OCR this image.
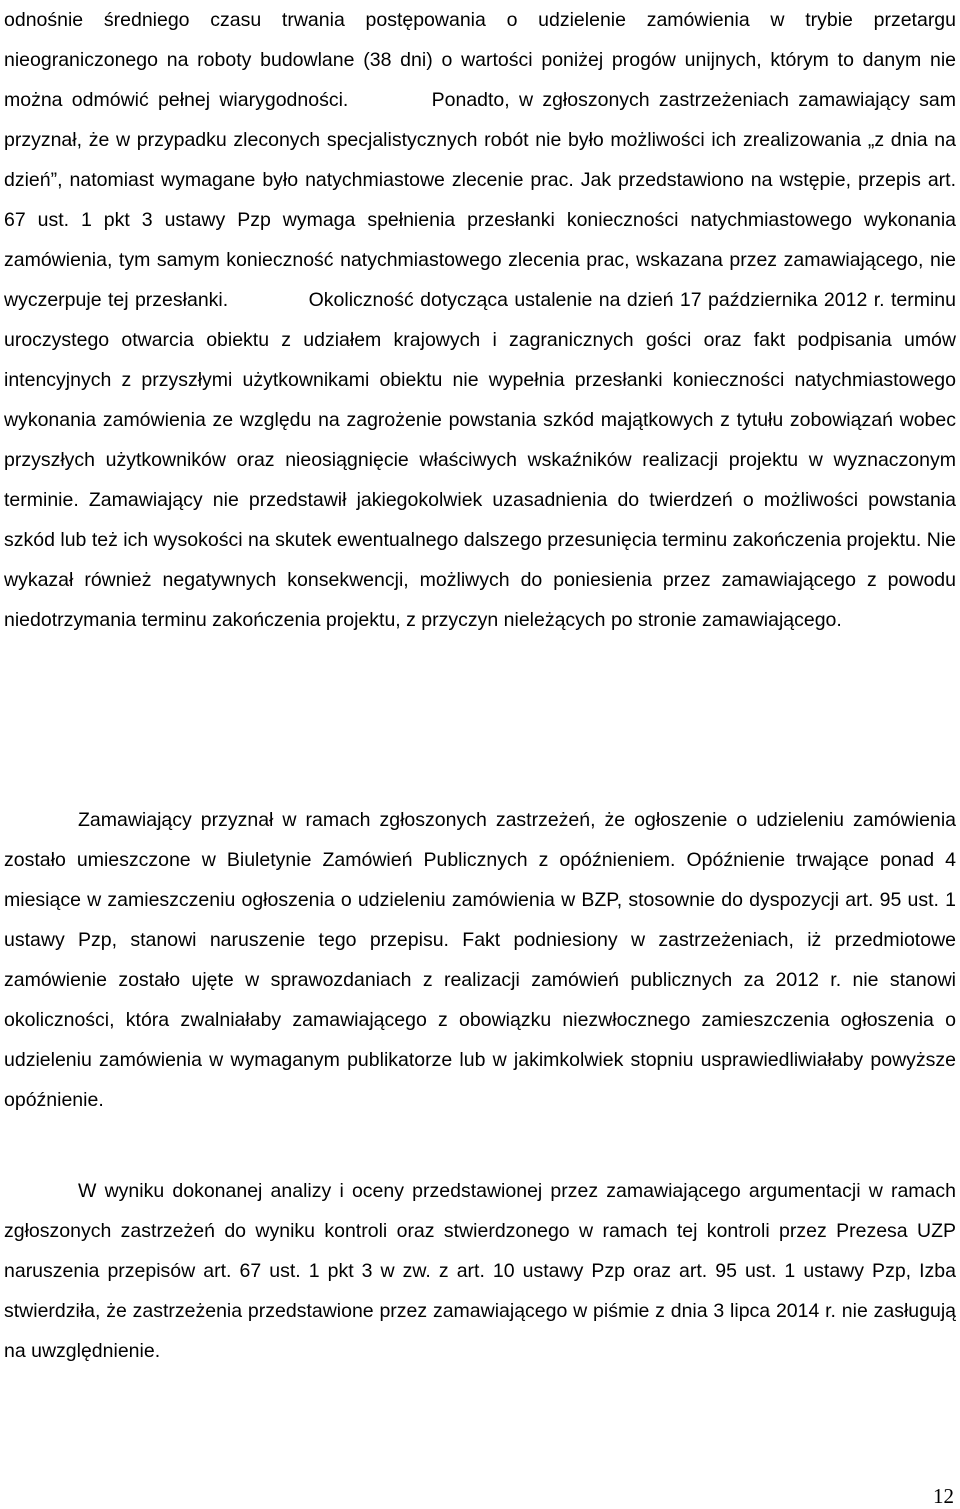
odnośnie średniego czasu trwania postępowania o udzielenie zamówienia w trybie przetargu nieograniczonego na roboty budowlane (38 dni) o wartości poniżej progów unijnych, którym to danym nie można odmówić pełnej wiarygodności.	Ponadto, w zgłoszonych zastrzeżeniach zamawiający sam przyznał, że w przypadku zleconych specjalistycznych robót nie było możliwości ich zrealizowania „z dnia na dzień”, natomiast wymagane było natychmiastowe zlecenie prac. Jak przedstawiono na wstępie, przepis art. 67 ust. 1 pkt 3 ustawy Pzp wymaga spełnienia przesłanki konieczności natychmiastowego wykonania zamówienia, tym samym konieczność natychmiastowego zlecenia prac, wskazana przez zamawiającego, nie wyczerpuje tej przesłanki.	Okoliczność dotycząca ustalenie na dzień 17 października 2012 r. terminu uroczystego otwarcia obiektu z udziałem krajowych i zagranicznych gości oraz fakt podpisania umów intencyjnych z przyszłymi użytkownikami obiektu nie wypełnia przesłanki konieczności natychmiastowego wykonania zamówienia ze względu na zagrożenie powstania szkód majątkowych z tytułu zobowiązań wobec przyszłych użytkowników oraz nieosiągnięcie właściwych wskaźników realizacji projektu w wyznaczonym terminie. Zamawiający nie przedstawił jakiegokolwiek uzasadnienia do twierdzeń o możliwości powstania szkód lub też ich wysokości na skutek ewentualnego dalszego przesunięcia terminu zakończenia projektu. Nie wykazał również negatywnych konsekwencji, możliwych do poniesienia przez zamawiającego z powodu niedotrzymania terminu zakończenia projektu, z przyczyn nieleżących po stronie zamawiającego.

Zamawiający przyznał w ramach zgłoszonych zastrzeżeń, że ogłoszenie o udzieleniu zamówienia zostało umieszczone w Biuletynie Zamówień Publicznych z opóźnieniem. Opóźnienie trwające ponad 4 miesiące w zamieszczeniu ogłoszenia o udzieleniu zamówienia w BZP, stosownie do dyspozycji art. 95 ust. 1 ustawy Pzp, stanowi naruszenie tego przepisu. Fakt podniesiony w zastrzeżeniach, iż przedmiotowe zamówienie zostało ujęte w sprawozdaniach z realizacji zamówień publicznych za 2012 r. nie stanowi okoliczności, która zwalniałaby zamawiającego z obowiązku niezwłocznego zamieszczenia ogłoszenia o udzieleniu zamówienia w wymaganym publikatorze lub w jakimkolwiek stopniu usprawiedliwiałaby powyższe opóźnienie.

W wyniku dokonanej analizy i oceny przedstawionej przez zamawiającego argumentacji w ramach zgłoszonych zastrzeżeń do wyniku kontroli oraz stwierdzonego w ramach tej kontroli przez Prezesa UZP naruszenia przepisów art. 67 ust. 1 pkt 3 w zw. z art. 10 ustawy Pzp oraz art. 95 ust. 1 ustawy Pzp, Izba stwierdziła, że zastrzeżenia przedstawione przez zamawiającego w piśmie z dnia 3 lipca 2014 r. nie zasługują na uwzględnienie.

12
